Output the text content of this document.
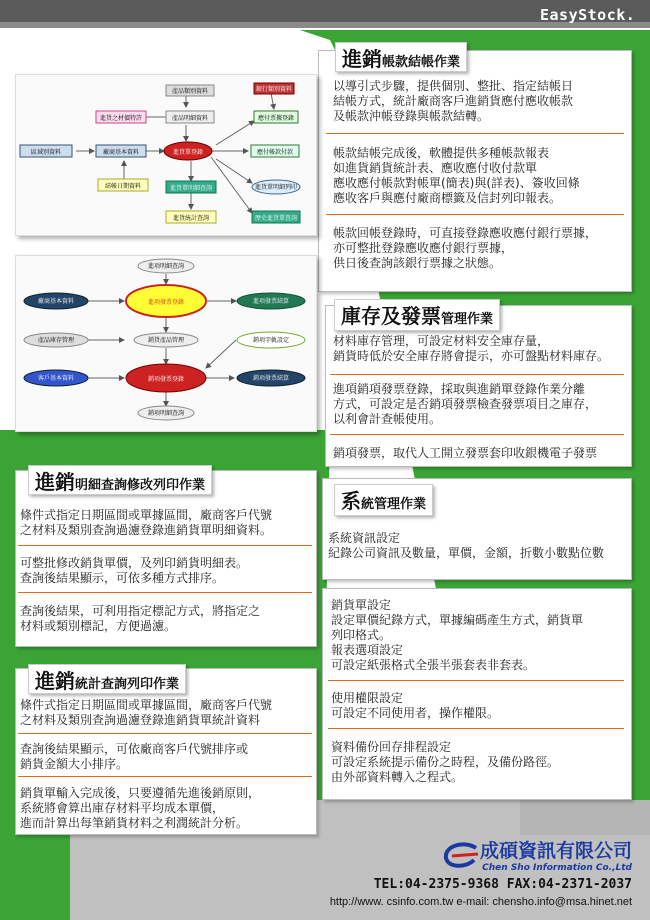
EasyStock.
進銷 帳款結帳作業
以導引式步驟，提供個別、整批、指定結帳日
結帳方式，統計廠商客戶進銷貨應付應收帳款
及帳款沖帳登錄與帳款結轉。
帳款結帳完成後，軟體提供多種帳款報表
如進貨銷貨統計表、應收應付收付款單
應收應付帳款對帳單(簡表)與(詳表)、簽收回條
應收客戶與應付廠商標籤及信封列印報表。
帳款回帳登錄時，可直接登錄應收應付銀行票據，
亦可整批登錄應收應付銀行票據，
供日後查詢該銀行票據之狀態。
庫存及發票 管理作業
材料庫存管理，可設定材料安全庫存量，
銷貨時低於安全庫存將會提示，亦可盤點材料庫存。
進項銷項發票登錄，採取與進銷單登錄作業分離
方式，可設定是否銷項發票檢查發票項目之庫存，
以利會計查帳使用。
銷項發票，取代人工開立發票套印收銀機電子發票
系 統管理作業
系統資訊設定
紀錄公司資訊及數量，單價，金額，折數小數點位數
銷貨單設定
設定單價紀錄方式，單據編碼產生方式，銷貨單
列印格式。
報表選項設定
可設定紙張格式全張半張套表非套表。
使用權限設定
可設定不同使用者，操作權限。
資料備份回存排程設定
可設定系統提示備份之時程，及備份路徑。
由外部資料轉入之程式。
進銷 明細查詢修改列印作業
條件式指定日期區間或單據區間，廠商客戶代號
之材料及類別查詢過濾登錄進銷貨單明細資料。
可整批修改銷貨單價，及列印銷貨明細表。
查詢後結果顯示，可依多種方式排序。
查詢後結果，可利用指定標記方式，將指定之
材料或類別標記，方便過濾。
進銷 統計查詢列印作業
條件式指定日期區間或單據區間，廠商客戶代號
之材料及類別查詢過濾登錄進銷貨單統計資料
查詢後結果顯示，可依廠商客戶代號排序或
銷貨金額大小排序。
銷貨單輸入完成後，只要遵循先進後銷原則，
系統將會算出庫存材料平均成本單價，
進而計算出每筆銷貨材料之利潤統計分析。
產品類別資料	銀行類別資料
進貨之材價特許	產品明細資料	應付票據登錄
區域別資料	廠商基本資料	進貨單登錄	應付帳款付款
結帳日期資料	進貨單明細查詢	進貨單明細列印
進貨統計查詢	歷史進貨單查詢
進項明細查詢
廠商基本資料	進項發票登錄	進項發票結算
產品庫存管理	銷貨產品管理	銷項字軌設定
客戶基本資料	銷項發票登錄	銷項發票結算
銷項明細查詢
成碩資訊有限公司
Chen Sho Information Co.,Ltd
TEL:04-2375-9368 FAX:04-2371-2037
http://www. csinfo.com.tw e-mail: chensho.info@msa.hinet.net
